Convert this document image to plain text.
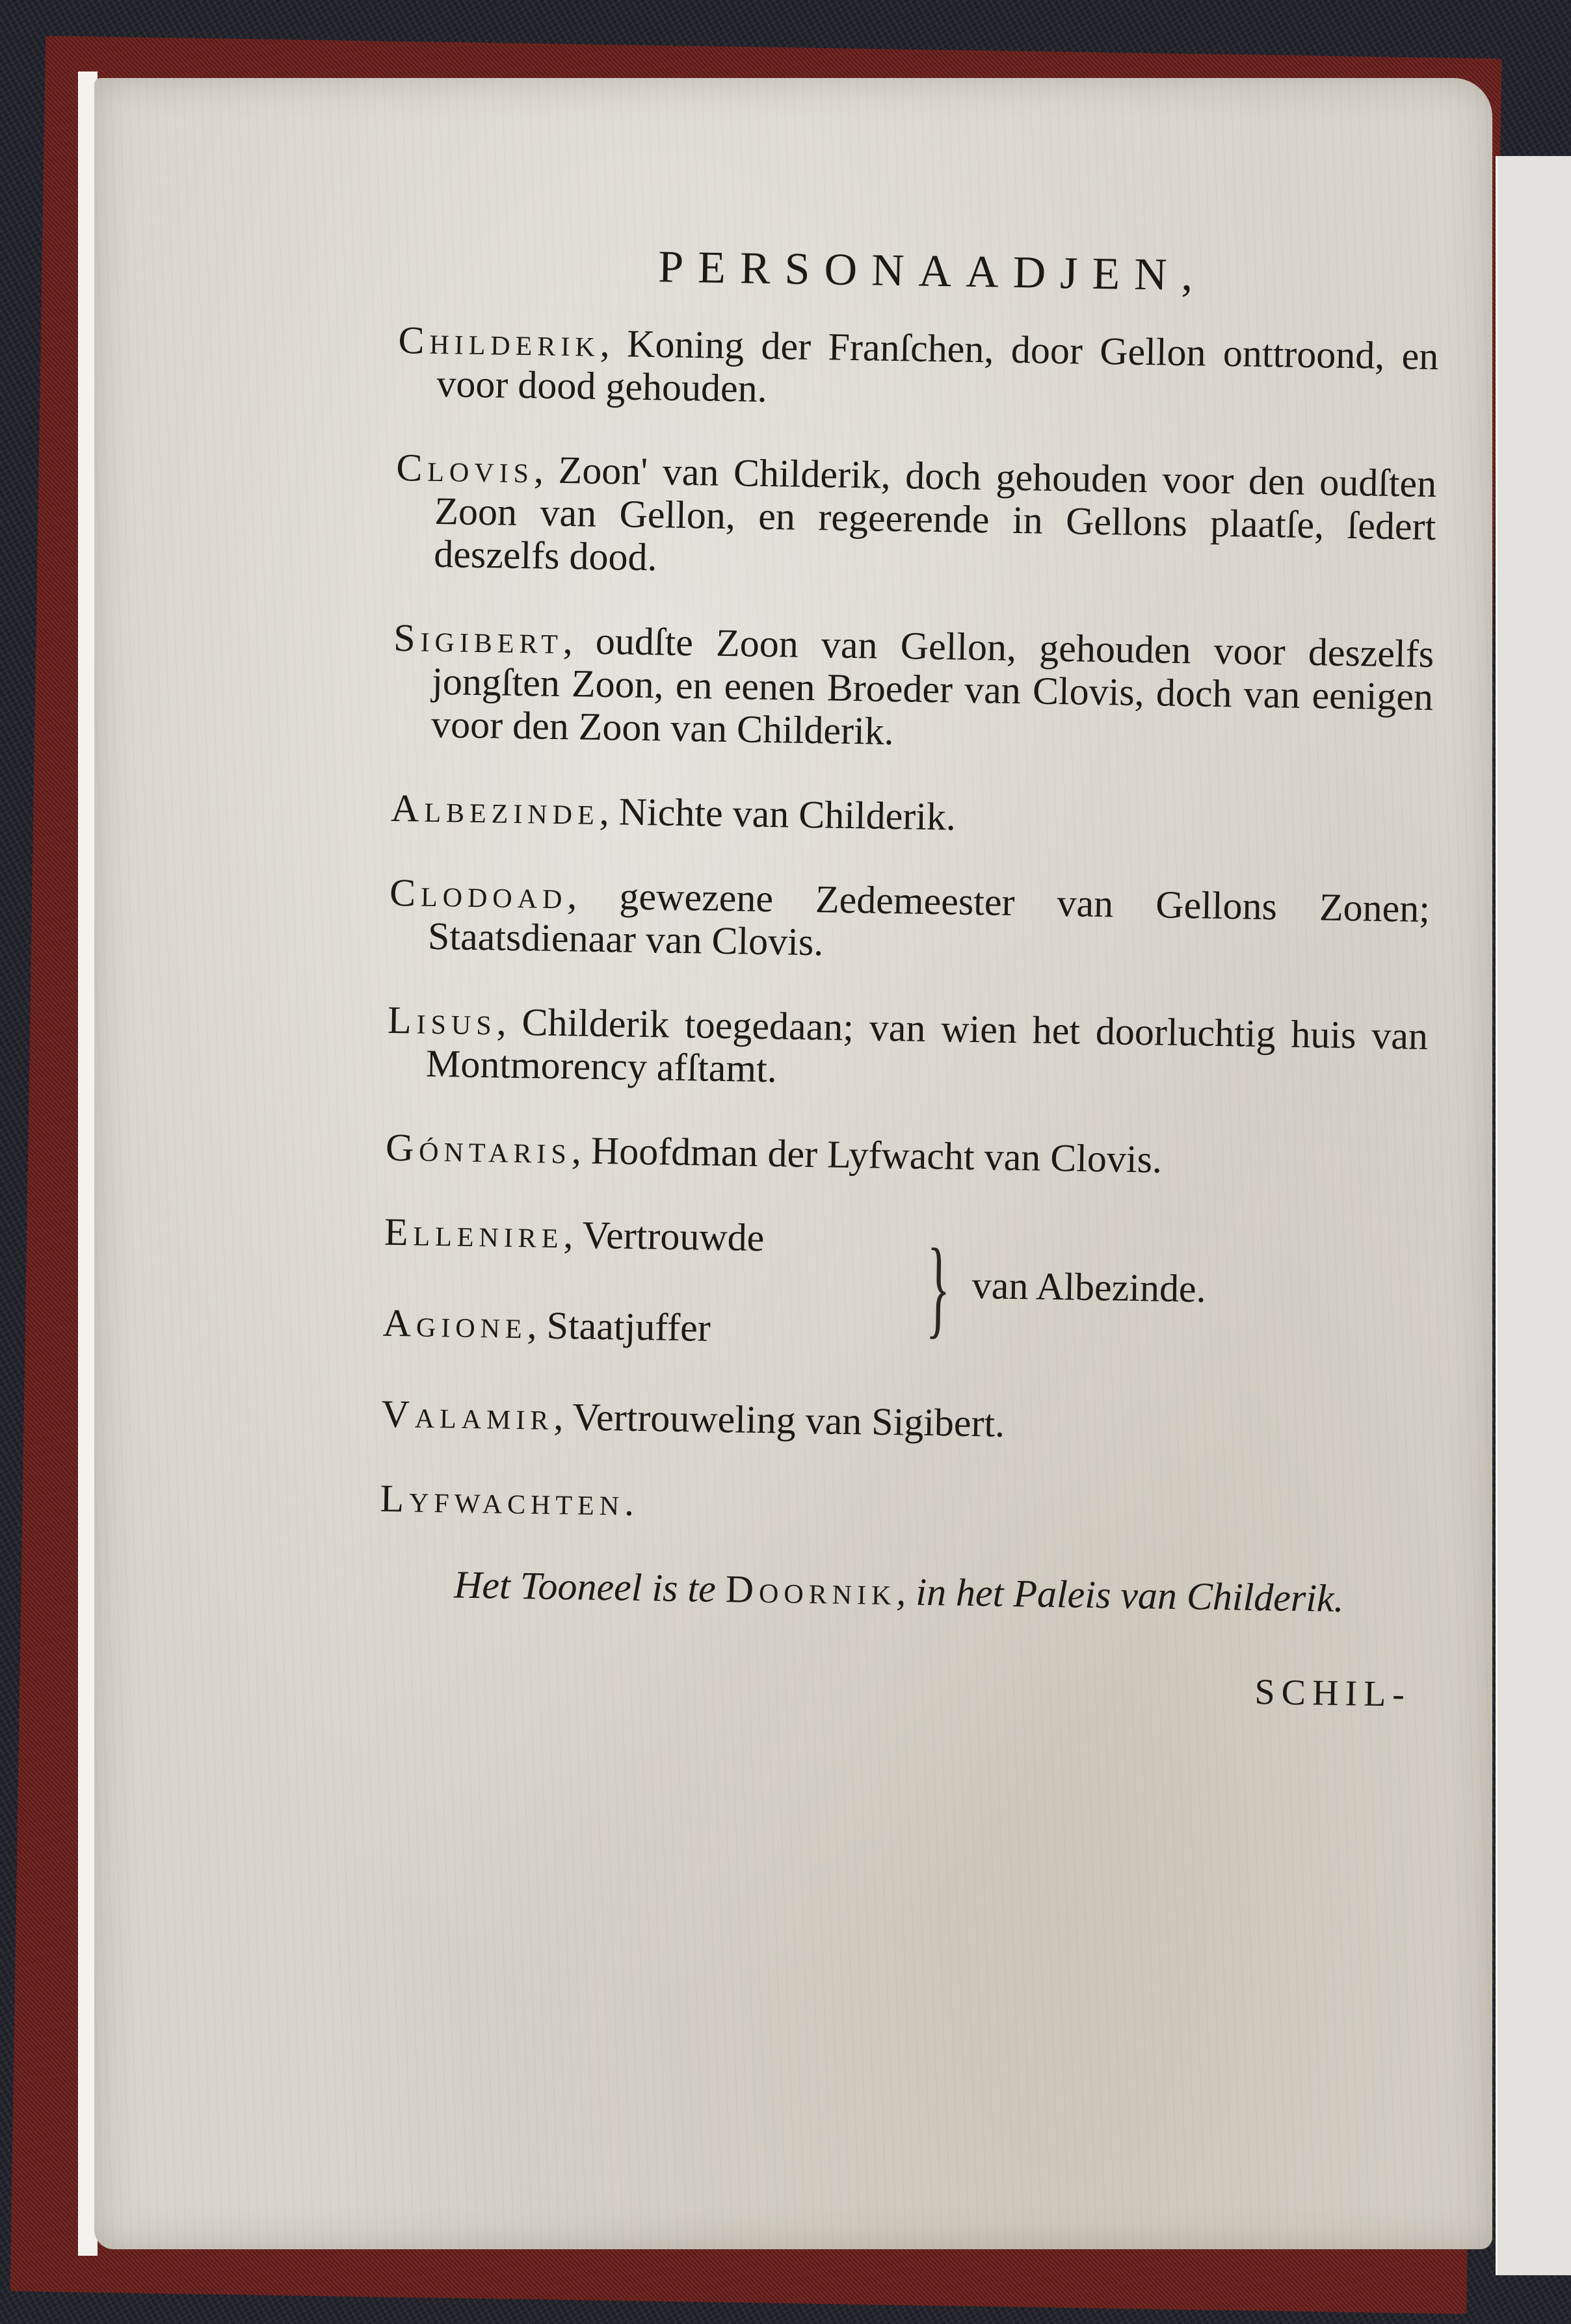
PERSONAADJEN,
Childerik, Koning der Franſchen, door Gellon onttroond, en voor dood gehouden.
Clovis, Zoon' van Childerik, doch gehouden voor den oudſten Zoon van Gellon, en regeerende in Gellons plaatſe, ſedert deszelfs dood.
Sigibert, oudſte Zoon van Gellon, gehouden voor deszelfs jongſten Zoon, en eenen Broeder van Clovis, doch van eenigen voor den Zoon van Childerik.
Albezinde, Nichte van Childerik.
Clodoad, gewezene Zedemeester van Gellons Zonen; Staatsdienaar van Clovis.
Lisus, Childerik toegedaan; van wien het doorluchtig huis van Montmorency afſtamt.
Góntaris, Hoofdman der Lyfwacht van Clovis.
Ellenire, Vertrouwde
Agione, Staatjuffer } van Albezinde.
Valamir, Vertrouweling van Sigibert.
Lyfwachten.
Het Tooneel is te Doornik, in het Paleis van Childerik.
SCHIL-
